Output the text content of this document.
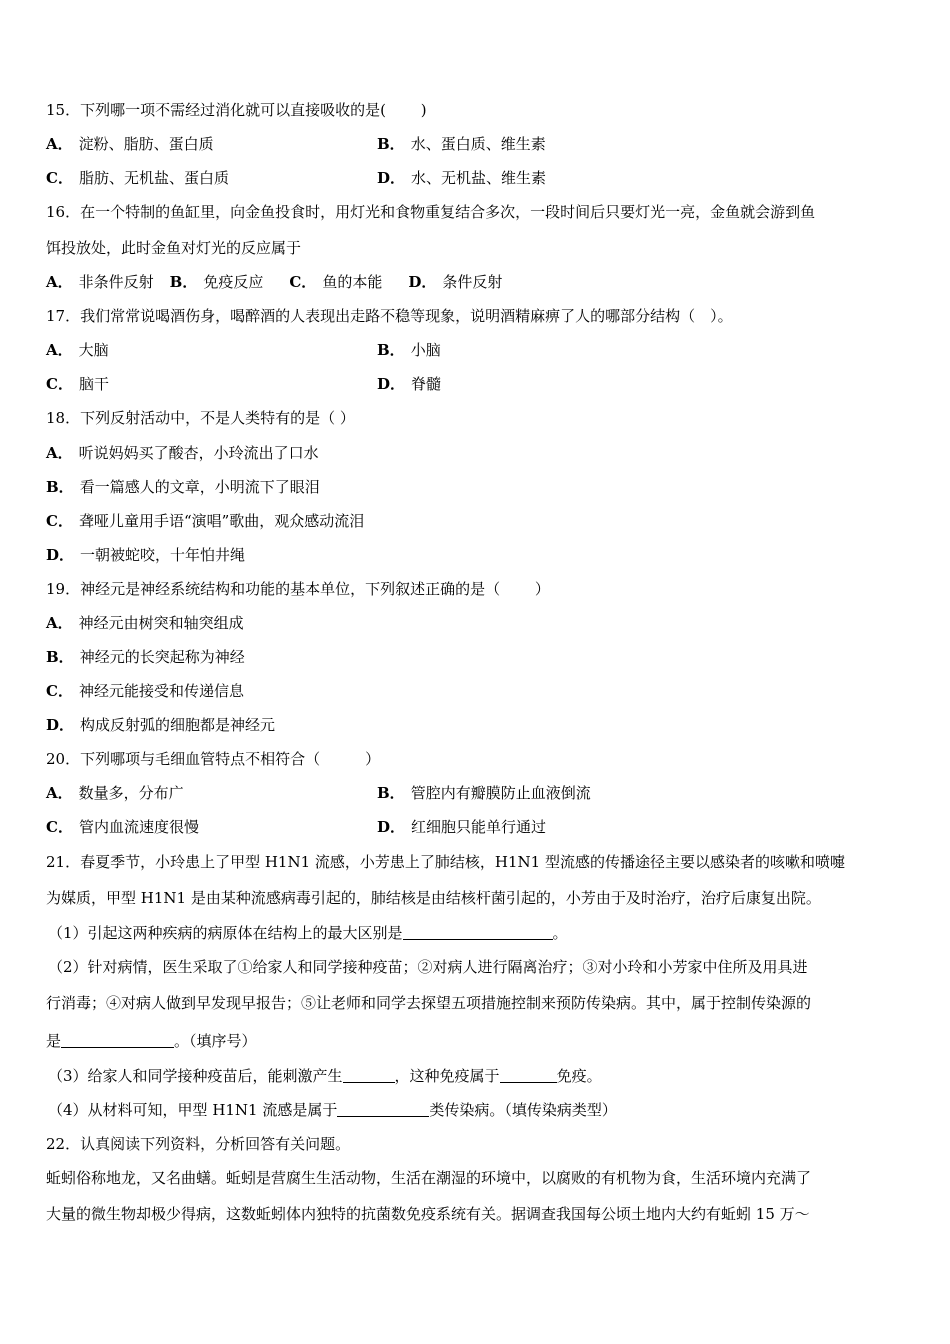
15．下列哪一项不需经过消化就可以直接吸收的是(　　 )
A． 淀粉、脂肪、蛋白质	B． 水、蛋白质、维生素
C． 脂肪、无机盐、蛋白质	D． 水、无机盐、维生素
16．在一个特制的鱼缸里，向金鱼投食时，用灯光和食物重复结合多次，一段时间后只要灯光一亮，金鱼就会游到鱼
饵投放处，此时金鱼对灯光的反应属于
A． 非条件反射 B． 免疫反应 C． 鱼的本能 D． 条件反射
17．我们常常说喝酒伤身，喝醉酒的人表现出走路不稳等现象，说明酒精麻痹了人的哪部分结构（　）。
A． 大脑	B． 小脑
C． 脑干	D． 脊髓
18．下列反射活动中，不是人类特有的是（ ）
A． 听说妈妈买了酸杏，小玲流出了口水
B． 看一篇感人的文章，小明流下了眼泪
C． 聋哑儿童用手语“演唱”歌曲，观众感动流泪
D． 一朝被蛇咬，十年怕井绳
19．神经元是神经系统结构和功能的基本单位，下列叙述正确的是（　　 ）
A． 神经元由树突和轴突组成
B． 神经元的长突起称为神经
C． 神经元能接受和传递信息
D． 构成反射弧的细胞都是神经元
20．下列哪项与毛细血管特点不相符合（　　　）
A． 数量多，分布广	B． 管腔内有瓣膜防止血液倒流
C． 管内血流速度很慢	D． 红细胞只能单行通过
21．春夏季节，小玲患上了甲型 H1N1 流感，小芳患上了肺结核，H1N1 型流感的传播途径主要以感染者的咳嗽和喷嚏
为媒质，甲型 H1N1 是由某种流感病毒引起的，肺结核是由结核杆菌引起的，小芳由于及时治疗，治疗后康复出院。
（1）引起这两种疾病的病原体在结构上的最大区别是	。
（2）针对病情，医生采取了①给家人和同学接种疫苗；②对病人进行隔离治疗；③对小玲和小芳家中住所及用具进
行消毒；④对病人做到早发现早报告；⑤让老师和同学去探望五项措施控制来预防传染病。其中，属于控制传染源的
是	。（填序号）
（3）给家人和同学接种疫苗后，能刺激产生	，这种免疫属于	免疫。
（4）从材料可知，甲型 H1N1 流感是属于	类传染病。（填传染病类型）
22．认真阅读下列资料，分析回答有关问题。
蚯蚓俗称地龙，又名曲蟮。蚯蚓是营腐生生活动物，生活在潮湿的环境中，以腐败的有机物为食，生活环境内充满了
大量的微生物却极少得病，这数蚯蚓体内独特的抗菌数免疫系统有关。据调查我国每公顷土地内大约有蚯蚓 15 万～
